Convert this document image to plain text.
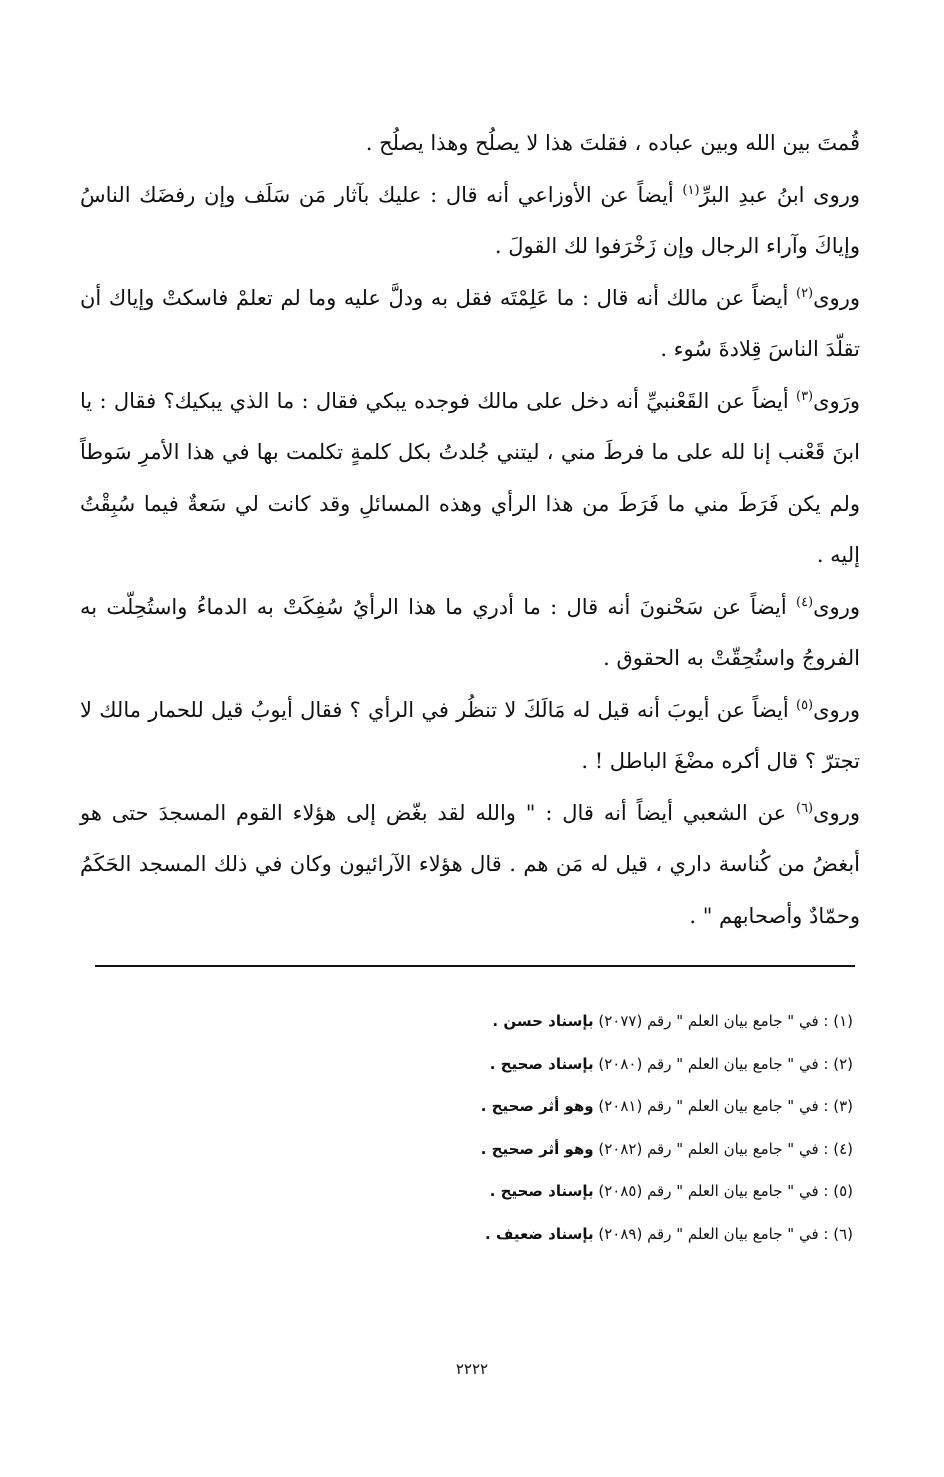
قُمتَ بين الله وبين عباده ، فقلتَ هذا لا يصلُح وهذا يصلُح .

وروى ابنُ عبدِ البرِّ$^{(١)}$ أيضاً عن الأوزاعي أنه قال : عليك بآثار مَن سَلَف وإن رفضَك الناسُ وإياكَ وآراء الرجال وإن زَخْرَفوا لك القولَ .

وروى$^{(٢)}$ أيضاً عن مالك أنه قال : ما عَلِمْتَه فقل به ودلَّ عليه وما لم تعلمْ فاسكتْ وإياك أن تقلّدَ الناسَ قِلادةَ سُوء .

ورَوى$^{(٣)}$ أيضاً عن القَعْنبيِّ أنه دخل على مالك فوجده يبكي فقال : ما الذي يبكيك؟ فقال : يا ابنَ قَعْنب إنا لله على ما فرطَ مني ، ليتني جُلدتُ بكل كلمةٍ تكلمت بها في هذا الأمرِ سَوطاً ولم يكن فَرَطَ مني ما فَرَطَ من هذا الرأي وهذه المسائلِ وقد كانت لي سَعةٌ فيما سُبِقْتُ إليه .

وروى$^{(٤)}$ أيضاً عن سَحْنونَ أنه قال : ما أدري ما هذا الرأيُ سُفِكَتْ به الدماءُ واستُحِلّت به الفروجُ واستُحِقّتْ به الحقوق .

وروى$^{(٥)}$ أيضاً عن أيوبَ أنه قيل له مَالَكَ لا تنظُر في الرأي ؟ فقال أيوبُ قيل للحمار مالك لا تجترّ ؟ قال أكره مضْغَ الباطل ! .

وروى$^{(٦)}$ عن الشعبي أيضاً أنه قال : " والله لقد بغّض إلى هؤلاء القوم المسجدَ حتى هو أبغضُ من كُناسة داري ، قيل له مَن هم . قال هؤلاء الآرائيون وكان في ذلك المسجد الحَكَمُ وحمّادٌ وأصحابهم " .

(١) : في " جامع بيان العلم " رقم (٢٠٧٧) بإسناد حسن .

(٢) : في " جامع بيان العلم " رقم (٢٠٨٠) بإسناد صحيح .

(٣) : في " جامع بيان العلم " رقم (٢٠٨١) وهو أثر صحيح .

(٤) : في " جامع بيان العلم " رقم (٢٠٨٢) وهو أثر صحيح .

(٥) : في " جامع بيان العلم " رقم (٢٠٨٥) بإسناد صحيح .

(٦) : في " جامع بيان العلم " رقم (٢٠٨٩) بإسناد ضعيف .

٢٢٢٢
